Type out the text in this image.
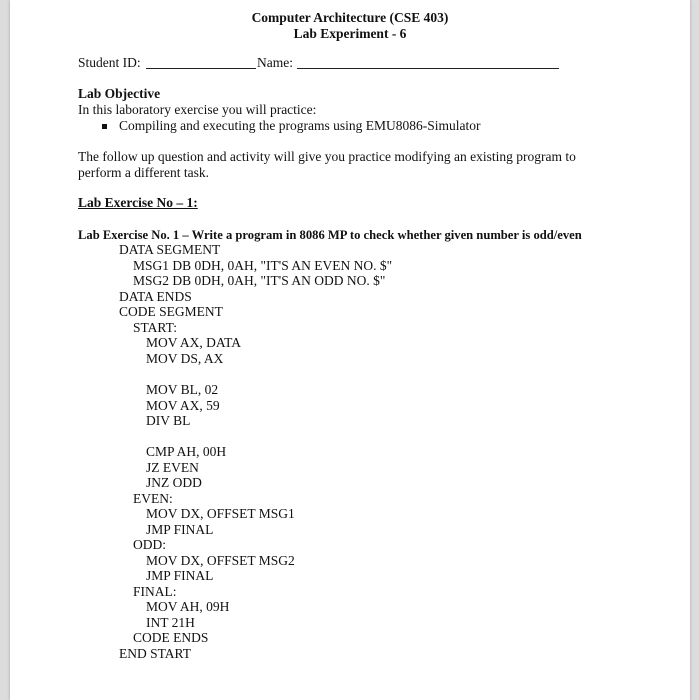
Computer Architecture (CSE 403)
Lab Experiment - 6
Student ID:	Name:
Lab Objective
In this laboratory exercise you will practice:
Compiling and executing the programs using EMU8086-Simulator
The follow up question and activity will give you practice modifying an existing program to
perform a different task.
Lab Exercise No – 1:
Lab Exercise No. 1 – Write a program in 8086 MP to check whether given number is odd/even
DATA SEGMENT
MSG1 DB 0DH, 0AH, "IT'S AN EVEN NO. $"
MSG2 DB 0DH, 0AH, "IT'S AN ODD NO. $"
DATA ENDS
CODE SEGMENT
START:
MOV AX, DATA
MOV DS, AX
MOV BL, 02
MOV AX, 59
DIV BL
CMP AH, 00H
JZ EVEN
JNZ ODD
EVEN:
MOV DX, OFFSET MSG1
JMP FINAL
ODD:
MOV DX, OFFSET MSG2
JMP FINAL
FINAL:
MOV AH, 09H
INT 21H
CODE ENDS
END START
